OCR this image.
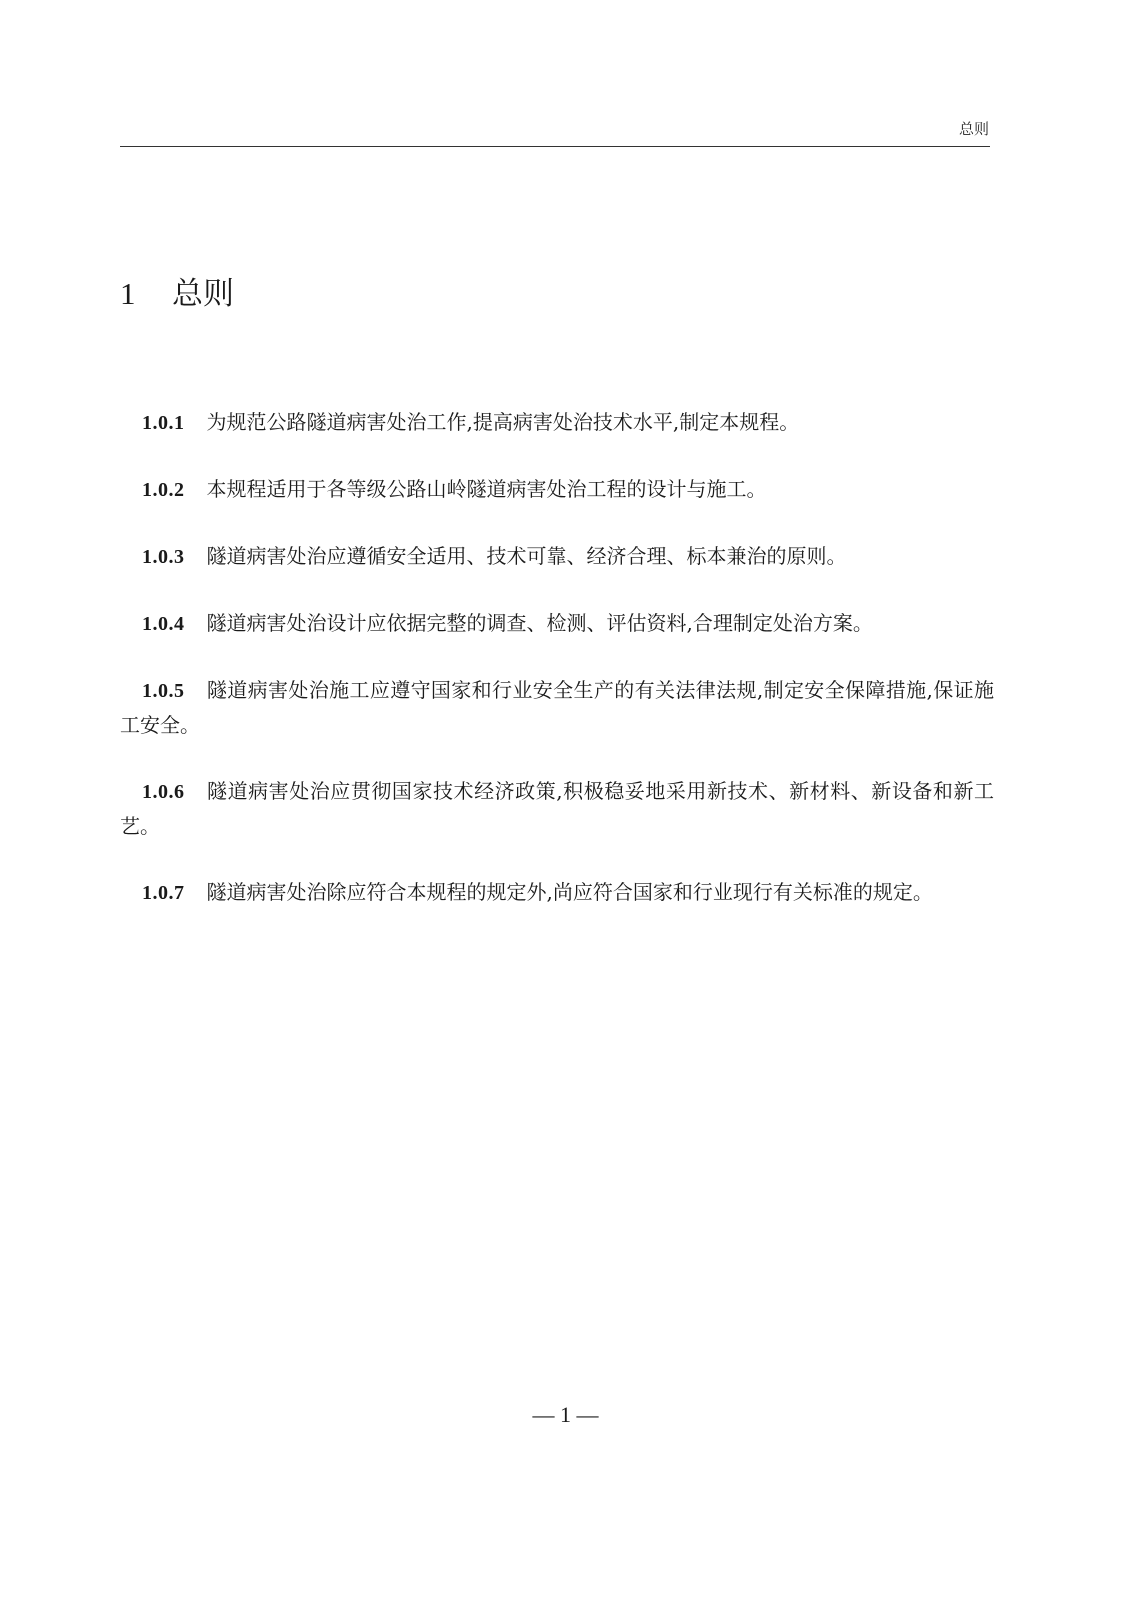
总则
1	总则

1.0.1 为规范公路隧道病害处治工作,提高病害处治技术水平,制定本规程。

1.0.2 本规程适用于各等级公路山岭隧道病害处治工程的设计与施工。

1.0.3 隧道病害处治应遵循安全适用、技术可靠、经济合理、标本兼治的原则。

1.0.4 隧道病害处治设计应依据完整的调查、检测、评估资料,合理制定处治方案。

1.0.5 隧道病害处治施工应遵守国家和行业安全生产的有关法律法规,制定安全保障措施,保证施工安全。

1.0.6 隧道病害处治应贯彻国家技术经济政策,积极稳妥地采用新技术、新材料、新设备和新工艺。

1.0.7 隧道病害处治除应符合本规程的规定外,尚应符合国家和行业现行有关标准的规定。

— 1 —
